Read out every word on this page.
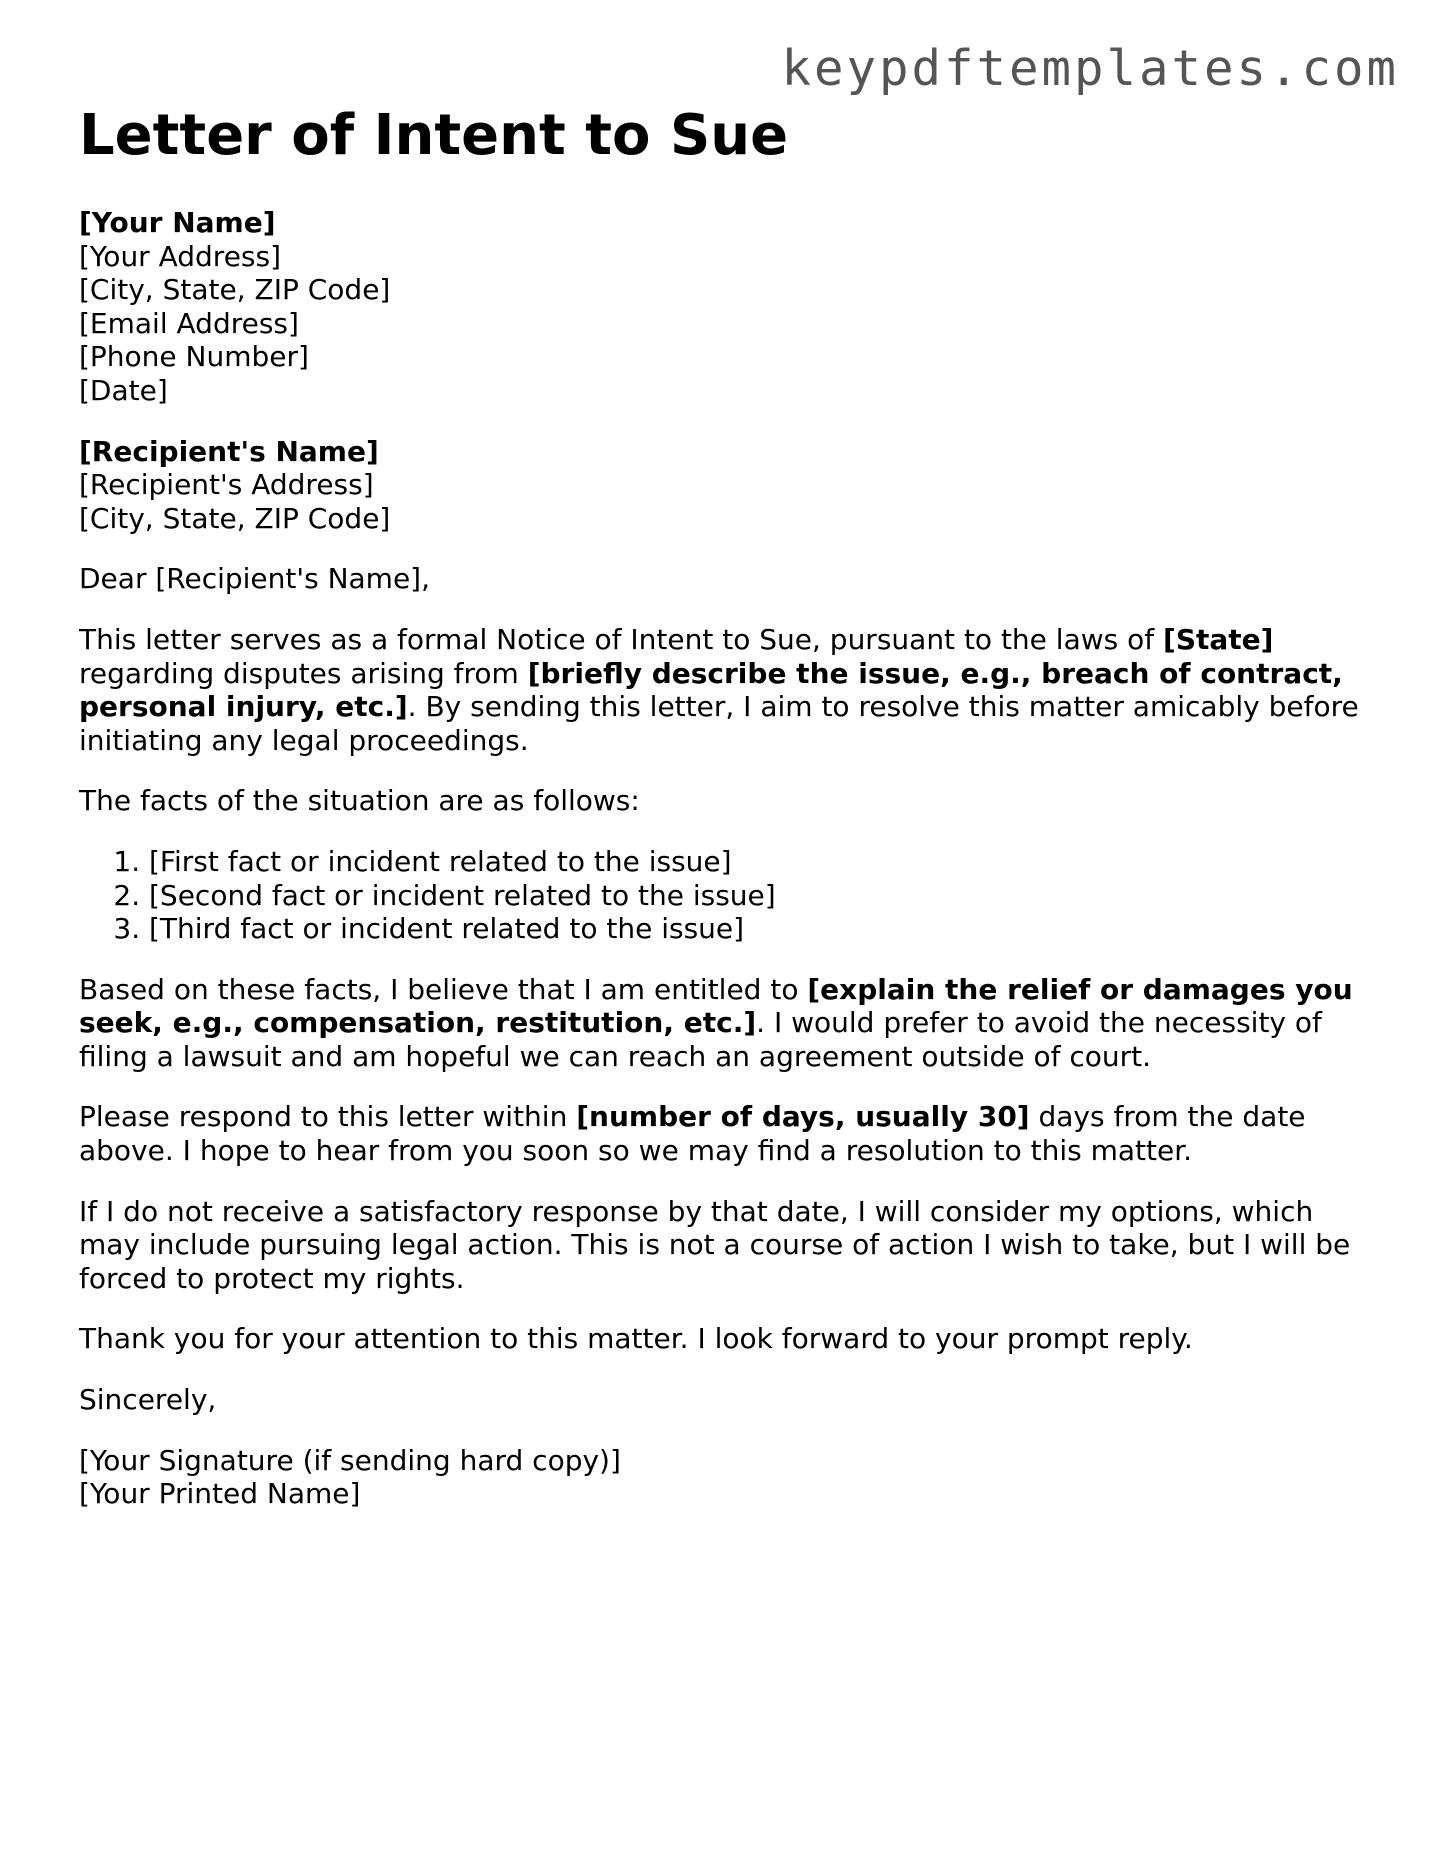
keypdftemplates.com
Letter of Intent to Sue

[Your Name]
[Your Address]
[City, State, ZIP Code]
[Email Address]
[Phone Number]
[Date]

[Recipient's Name]
[Recipient's Address]
[City, State, ZIP Code]

Dear [Recipient's Name],

This letter serves as a formal Notice of Intent to Sue, pursuant to the laws of [State] regarding disputes arising from [briefly describe the issue, e.g., breach of contract, personal injury, etc.]. By sending this letter, I aim to resolve this matter amicably before initiating any legal proceedings.

The facts of the situation are as follows:

1. [First fact or incident related to the issue]
2. [Second fact or incident related to the issue]
3. [Third fact or incident related to the issue]

Based on these facts, I believe that I am entitled to [explain the relief or damages you seek, e.g., compensation, restitution, etc.]. I would prefer to avoid the necessity of filing a lawsuit and am hopeful we can reach an agreement outside of court.

Please respond to this letter within [number of days, usually 30] days from the date above. I hope to hear from you soon so we may find a resolution to this matter.

If I do not receive a satisfactory response by that date, I will consider my options, which may include pursuing legal action. This is not a course of action I wish to take, but I will be forced to protect my rights.

Thank you for your attention to this matter. I look forward to your prompt reply.

Sincerely,

[Your Signature (if sending hard copy)]
[Your Printed Name]
